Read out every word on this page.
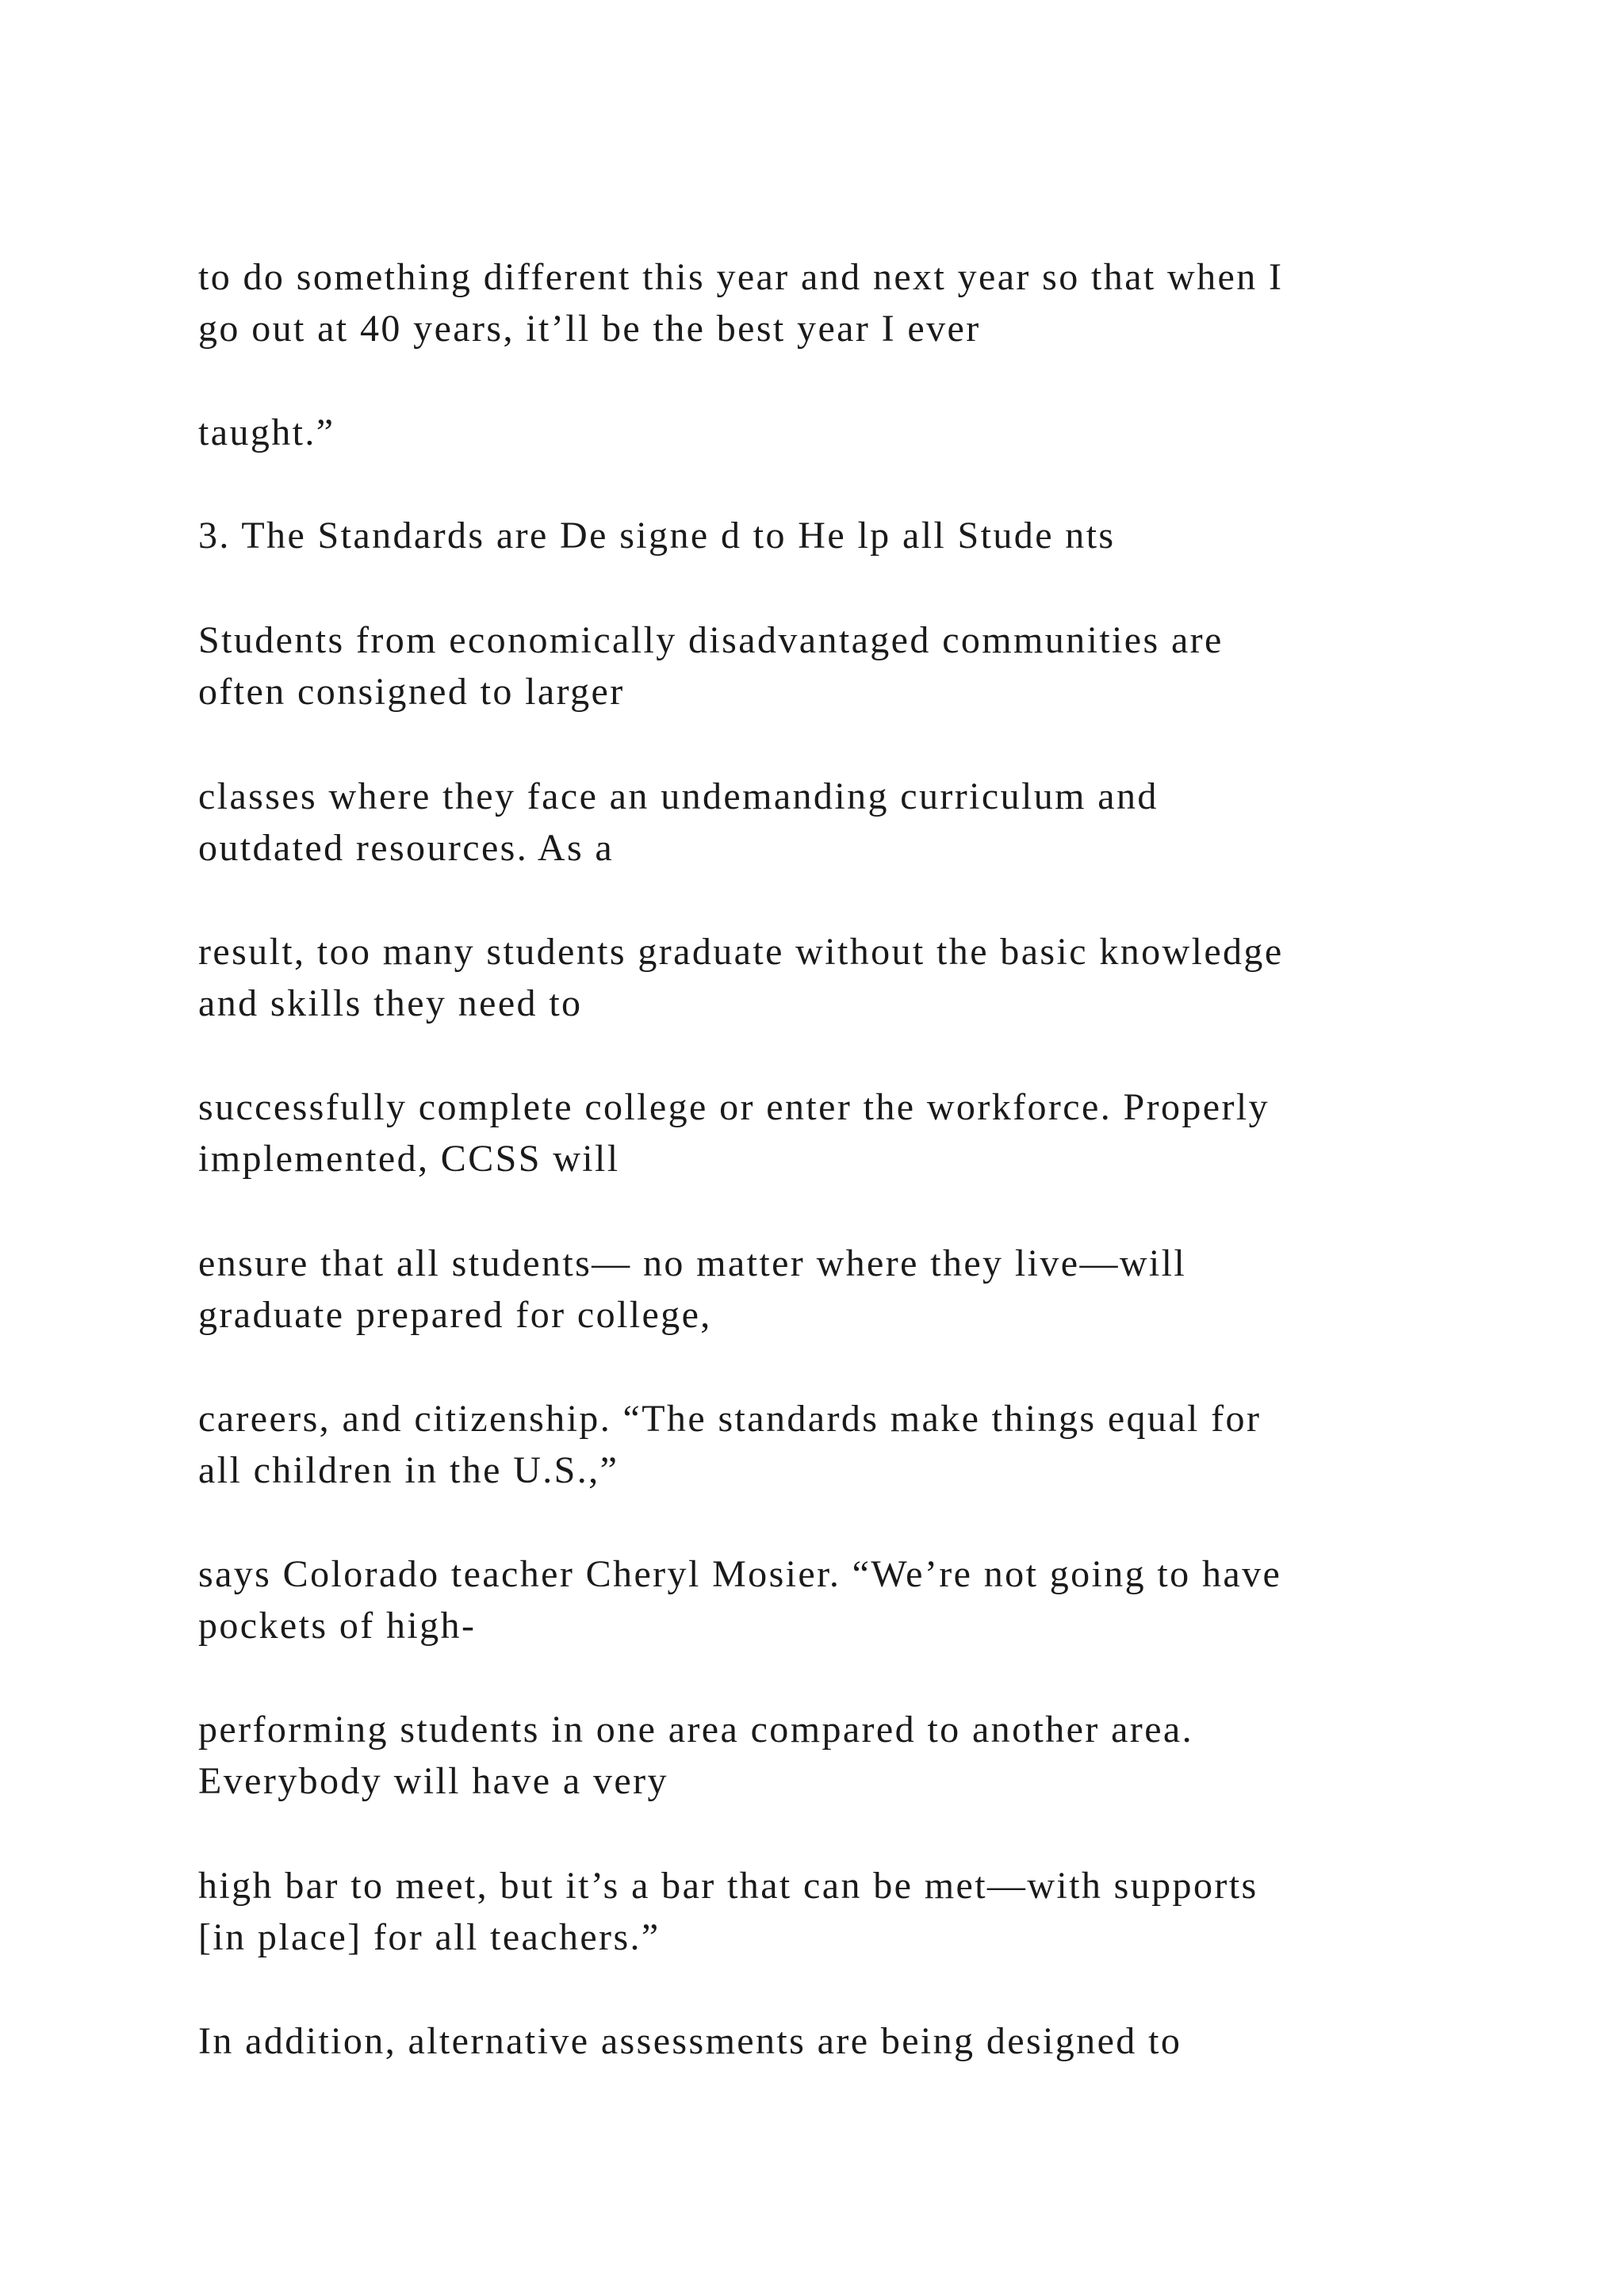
to do something different this year and next year so that when I
go out at 40 years, it’ll be the best year I ever

taught.”

3. The Standards are De signe d to He lp all Stude nts

Students from economically disadvantaged communities are
often consigned to larger

classes where they face an undemanding curriculum and
outdated resources. As a

result, too many students graduate without the basic knowledge
and skills they need to

successfully complete college or enter the workforce. Properly
implemented, CCSS will

ensure that all students— no matter where they live—will
graduate prepared for college,

careers, and citizenship. “The standards make things equal for
all children in the U.S.,”

says Colorado teacher Cheryl Mosier. “We’re not going to have
pockets of high-

performing students in one area compared to another area.
Everybody will have a very

high bar to meet, but it’s a bar that can be met—with supports
[in place] for all teachers.”

In addition, alternative assessments are being designed to
